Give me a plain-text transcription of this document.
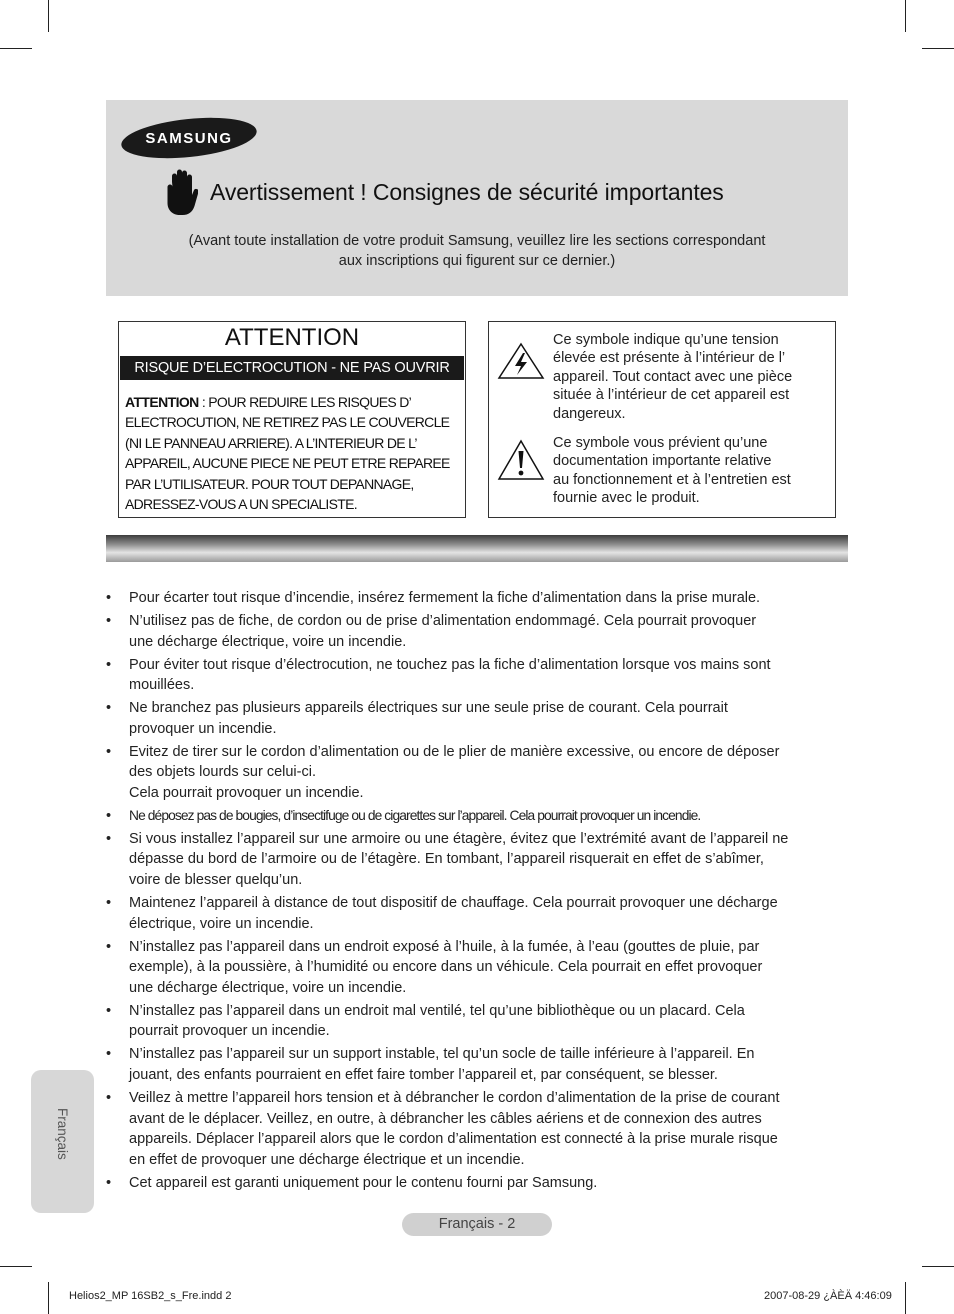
SAMSUNG
Avertissement ! Consignes de sécurité importantes
(Avant toute installation de votre produit Samsung, veuillez lire les sections correspondant
aux inscriptions qui figurent sur ce dernier.)
ATTENTION
RISQUE D’ELECTROCUTION - NE PAS OUVRIR
ATTENTION : POUR REDUIRE LES RISQUES D’
ELECTROCUTION, NE RETIREZ PAS LE COUVERCLE
(NI LE PANNEAU ARRIERE). A L’INTERIEUR DE L’
APPAREIL, AUCUNE PIECE NE PEUT ETRE REPAREE
PAR L’UTILISATEUR. POUR TOUT DEPANNAGE,
ADRESSEZ-VOUS A UN SPECIALISTE.
Ce symbole indique qu’une tension
élevée est présente à l’intérieur de l’
appareil. Tout contact avec une pièce
située à l’intérieur de cet appareil est
dangereux.
Ce symbole vous prévient qu’une
documentation importante relative
au fonctionnement et à l’entretien est
fournie avec le produit.
• Pour écarter tout risque d’incendie, insérez fermement la fiche d’alimentation dans la prise murale.
• N’utilisez pas de fiche, de cordon ou de prise d’alimentation endommagé. Cela pourrait provoquer
une décharge électrique, voire un incendie.
• Pour éviter tout risque d’électrocution, ne touchez pas la fiche d’alimentation lorsque vos mains sont
mouillées.
• Ne branchez pas plusieurs appareils électriques sur une seule prise de courant. Cela pourrait
provoquer un incendie.
• Evitez de tirer sur le cordon d’alimentation ou de le plier de manière excessive, ou encore de déposer
des objets lourds sur celui-ci.
Cela pourrait provoquer un incendie.
• Ne déposez pas de bougies, d’insectifuge ou de cigarettes sur l’appareil. Cela pourrait provoquer un incendie.
• Si vous installez l’appareil sur une armoire ou une étagère, évitez que l’extrémité avant de l’appareil ne
dépasse du bord de l’armoire ou de l’étagère. En tombant, l’appareil risquerait en effet de s’abîmer,
voire de blesser quelqu’un.
• Maintenez l’appareil à distance de tout dispositif de chauffage. Cela pourrait provoquer une décharge
électrique, voire un incendie.
• N’installez pas l’appareil dans un endroit exposé à l’huile, à la fumée, à l’eau (gouttes de pluie, par
exemple), à la poussière, à l’humidité ou encore dans un véhicule. Cela pourrait en effet provoquer
une décharge électrique, voire un incendie.
• N’installez pas l’appareil dans un endroit mal ventilé, tel qu’une bibliothèque ou un placard. Cela
pourrait provoquer un incendie.
• N’installez pas l’appareil sur un support instable, tel qu’un socle de taille inférieure à l’appareil. En
jouant, des enfants pourraient en effet faire tomber l’appareil et, par conséquent, se blesser.
• Veillez à mettre l’appareil hors tension et à débrancher le cordon d’alimentation de la prise de courant
avant de le déplacer. Veillez, en outre, à débrancher les câbles aériens et de connexion des autres
appareils. Déplacer l’appareil alors que le cordon d’alimentation est connecté à la prise murale risque
en effet de provoquer une décharge électrique et un incendie.
• Cet appareil est garanti uniquement pour le contenu fourni par Samsung.
Français
Français - 2
Helios2_MP 16SB2_s_Fre.indd 2	2007-08-29 ¿ÀÈÄ 4:46:09
